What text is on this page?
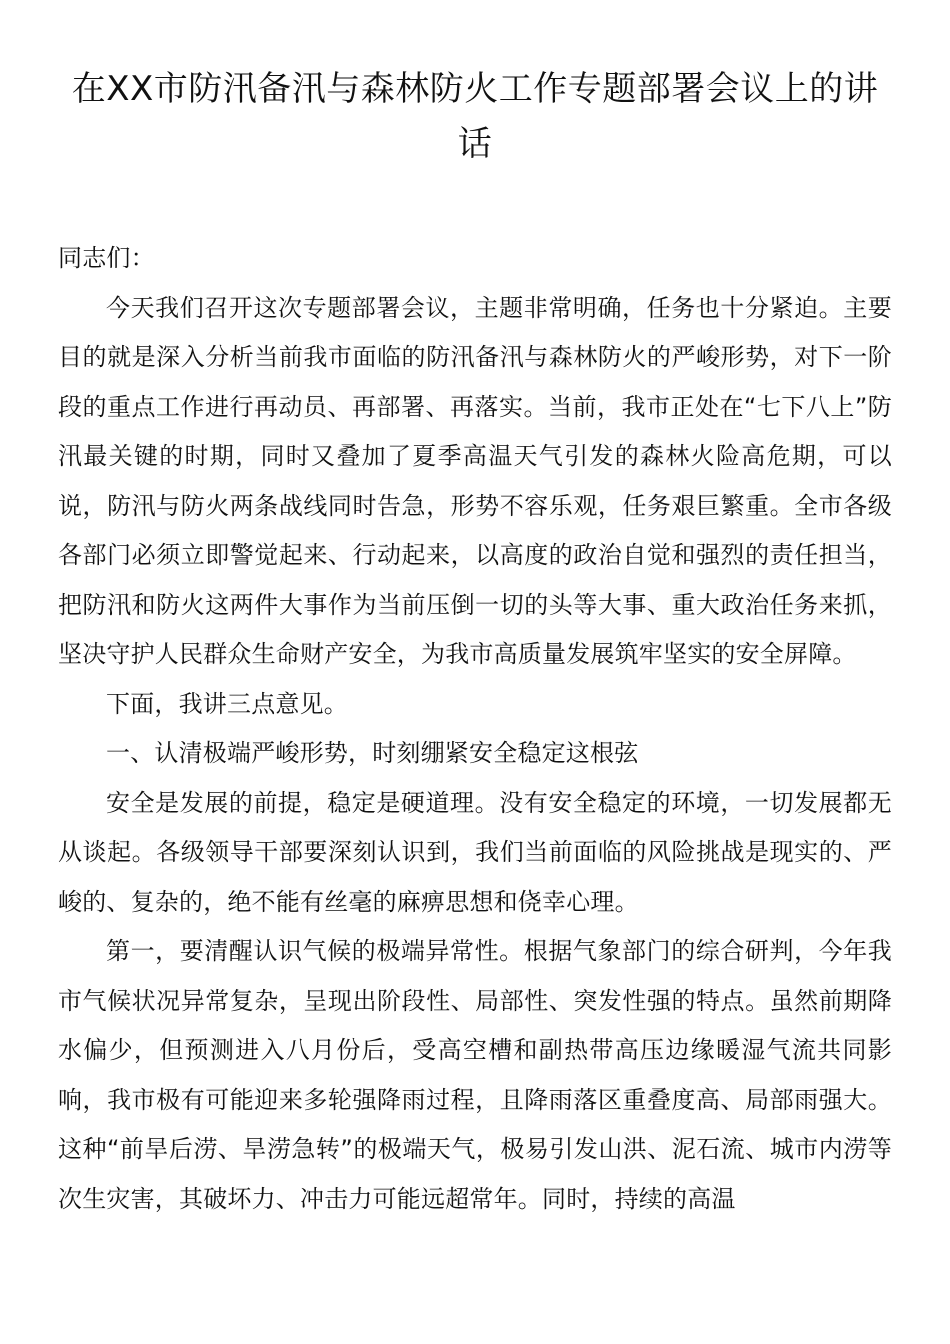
在XX市防汛备汛与森林防火工作专题部署会议上的讲话

同志们：

今天我们召开这次专题部署会议，主题非常明确，任务也十分紧迫。主要目的就是深入分析当前我市面临的防汛备汛与森林防火的严峻形势，对下一阶段的重点工作进行再动员、再部署、再落实。当前，我市正处在“七下八上”防汛最关键的时期，同时又叠加了夏季高温天气引发的森林火险高危期，可以说，防汛与防火两条战线同时告急，形势不容乐观，任务艰巨繁重。全市各级各部门必须立即警觉起来、行动起来，以高度的政治自觉和强烈的责任担当，把防汛和防火这两件大事作为当前压倒一切的头等大事、重大政治任务来抓，坚决守护人民群众生命财产安全，为我市高质量发展筑牢坚实的安全屏障。

下面，我讲三点意见。

一、认清极端严峻形势，时刻绷紧安全稳定这根弦

安全是发展的前提，稳定是硬道理。没有安全稳定的环境，一切发展都无从谈起。各级领导干部要深刻认识到，我们当前面临的风险挑战是现实的、严峻的、复杂的，绝不能有丝毫的麻痹思想和侥幸心理。

第一，要清醒认识气候的极端异常性。根据气象部门的综合研判，今年我市气候状况异常复杂，呈现出阶段性、局部性、突发性强的特点。虽然前期降水偏少，但预测进入八月份后，受高空槽和副热带高压边缘暖湿气流共同影响，我市极有可能迎来多轮强降雨过程，且降雨落区重叠度高、局部雨强大。这种“前旱后涝、旱涝急转”的极端天气，极易引发山洪、泥石流、城市内涝等次生灾害，其破坏力、冲击力可能远超常年。同时，持续的高温
